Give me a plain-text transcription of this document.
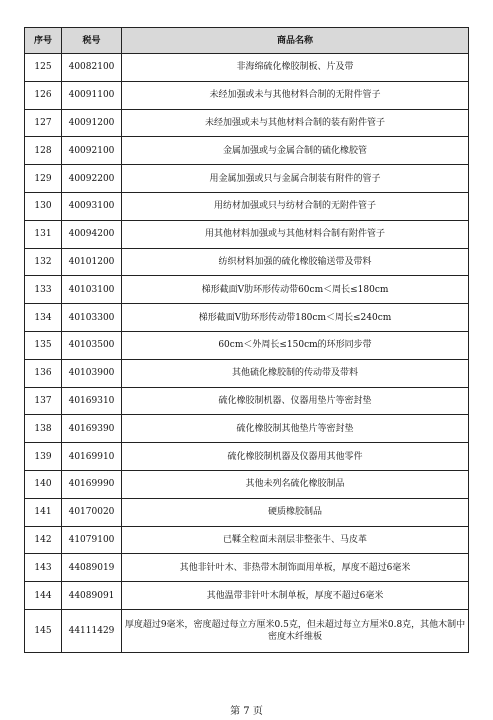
序号	税号	商品名称
125	40082100	非海绵硫化橡胶制板、片及带
126	40091100	未经加强或未与其他材料合制的无附件管子
127	40091200	未经加强或未与其他材料合制的装有附件管子
128	40092100	金属加强或与金属合制的硫化橡胶管
129	40092200	用金属加强或只与金属合制装有附件的管子
130	40093100	用纺材加强或只与纺材合制的无附件管子
131	40094200	用其他材料加强或与其他材料合制有附件管子
132	40101200	纺织材料加强的硫化橡胶输送带及带料
133	40103100	梯形截面V肋环形传动带60cm＜周长≤180cm
134	40103300	梯形截面V肋环形传动带180cm＜周长≤240cm
135	40103500	60cm＜外周长≤150cm的环形同步带
136	40103900	其他硫化橡胶制的传动带及带料
137	40169310	硫化橡胶制机器、仪器用垫片等密封垫
138	40169390	硫化橡胶制其他垫片等密封垫
139	40169910	硫化橡胶制机器及仪器用其他零件
140	40169990	其他未列名硫化橡胶制品
141	40170020	硬质橡胶制品
142	41079100	已鞣全粒面未剖层非整张牛、马皮革
143	44089019	其他非针叶木、非热带木制饰面用单板，厚度不超过6毫米
144	44089091	其他温带非针叶木制单板，厚度不超过6毫米
145	44111429	厚度超过9毫米，密度超过每立方厘米0.5克，但未超过每立方厘米0.8克，其他木制中密度木纤维板
第 7 页
